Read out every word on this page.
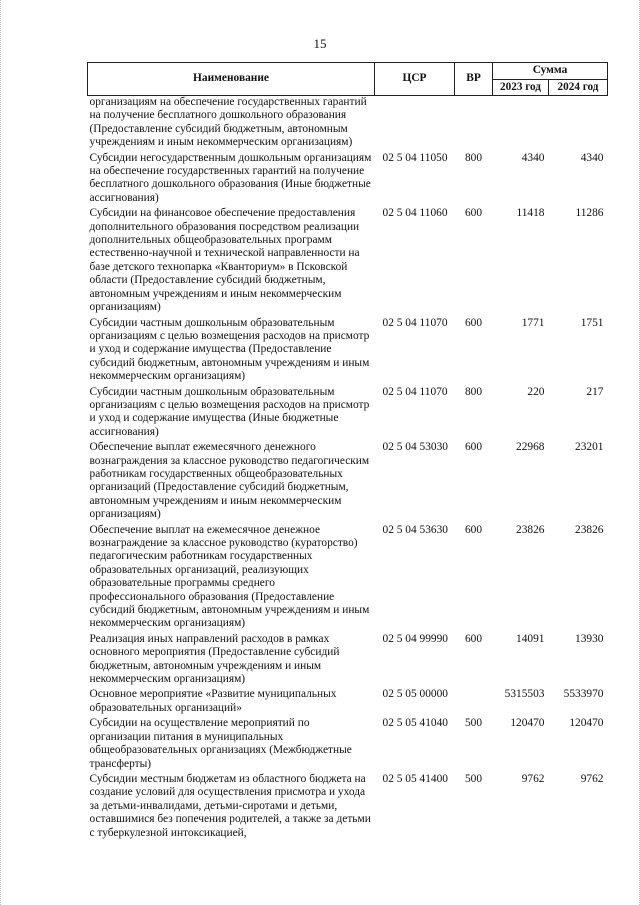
15
Наименование	ЦСР	ВР	Сумма	
			2023 год	2024 год
организациям на обеспечение государственных гарантий на получение бесплатного дошкольного образования (Предоставление субсидий бюджетным, автономным учреждениям и иным некоммерческим организациям)				
Субсидии негосударственным дошкольным организациям на обеспечение государственных гарантий на получение бесплатного дошкольного образования (Иные бюджетные ассигнования)	02 5 04 11050	800	4340	4340
Субсидии на финансовое обеспечение предоставления дополнительного образования посредством реализации дополнительных общеобразовательных программ естественно-научной и технической направленности на базе детского технопарка «Кванториум» в Псковской области (Предоставление субсидий бюджетным, автономным учреждениям и иным некоммерческим организациям)	02 5 04 11060	600	11418	11286
Субсидии частным дошкольным образовательным организациям с целью возмещения расходов на присмотр и уход и содержание имущества (Предоставление субсидий бюджетным, автономным учреждениям и иным некоммерческим организациям)	02 5 04 11070	600	1771	1751
Субсидии частным дошкольным образовательным организациям с целью возмещения расходов на присмотр и уход и содержание имущества (Иные бюджетные ассигнования)	02 5 04 11070	800	220	217
Обеспечение выплат ежемесячного денежного вознаграждения за классное руководство педагогическим работникам государственных общеобразовательных организаций (Предоставление субсидий бюджетным, автономным учреждениям и иным некоммерческим организациям)	02 5 04 53030	600	22968	23201
Обеспечение выплат на ежемесячное денежное вознаграждение за классное руководство (кураторство) педагогическим работникам государственных образовательных организаций, реализующих образовательные программы среднего профессионального образования (Предоставление субсидий бюджетным, автономным учреждениям и иным некоммерческим организациям)	02 5 04 53630	600	23826	23826
Реализация иных направлений расходов в рамках основного мероприятия (Предоставление субсидий бюджетным, автономным учреждениям и иным некоммерческим организациям)	02 5 04 99990	600	14091	13930
Основное мероприятие «Развитие муниципальных образовательных организаций»	02 5 05 00000		5315503	5533970
Субсидии на осуществление мероприятий по организации питания в муниципальных общеобразовательных организациях (Межбюджетные трансферты)	02 5 05 41040	500	120470	120470
Субсидии местным бюджетам из областного бюджета на создание условий для осуществления присмотра и ухода за детьми-инвалидами, детьми-сиротами и детьми, оставшимися без попечения родителей, а также за детьми с туберкулезной интоксикацией,	02 5 05 41400	500	9762	9762
